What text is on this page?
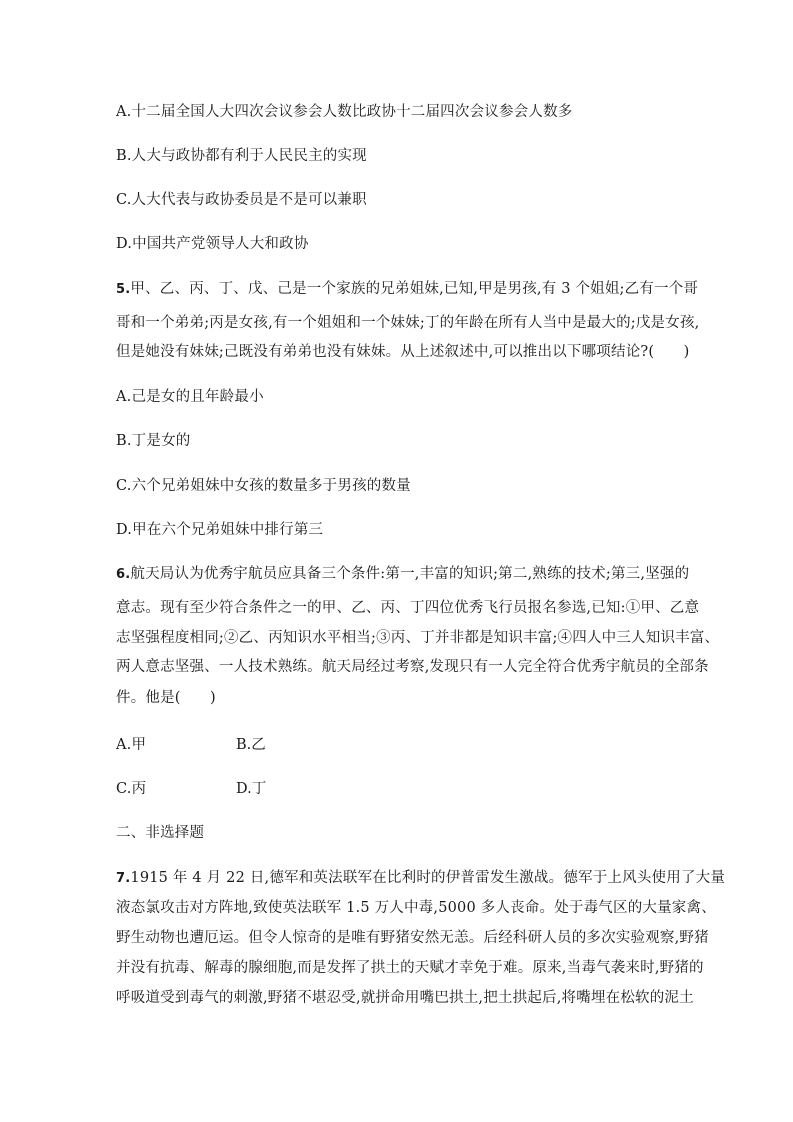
A.十二届全国人大四次会议参会人数比政协十二届四次会议参会人数多
B.人大与政协都有利于人民民主的实现
C.人大代表与政协委员是不是可以兼职
D.中国共产党领导人大和政协
5.甲、乙、丙、丁、戊、己是一个家族的兄弟姐妹,已知,甲是男孩,有 3 个姐姐;乙有一个哥
哥和一个弟弟;丙是女孩,有一个姐姐和一个妹妹;丁的年龄在所有人当中是最大的;戊是女孩,
但是她没有妹妹;己既没有弟弟也没有妹妹。从上述叙述中,可以推出以下哪项结论?(　　)
A.己是女的且年龄最小
B.丁是女的
C.六个兄弟姐妹中女孩的数量多于男孩的数量
D.甲在六个兄弟姐妹中排行第三
6.航天局认为优秀宇航员应具备三个条件:第一,丰富的知识;第二,熟练的技术;第三,坚强的
意志。现有至少符合条件之一的甲、乙、丙、丁四位优秀飞行员报名参选,已知:①甲、乙意
志坚强程度相同;②乙、丙知识水平相当;③丙、丁并非都是知识丰富;④四人中三人知识丰富、
两人意志坚强、一人技术熟练。航天局经过考察,发现只有一人完全符合优秀宇航员的全部条
件。他是(　　)
A.甲	B.乙
C.丙	D.丁
二、非选择题
7.1915 年 4 月 22 日,德军和英法联军在比利时的伊普雷发生激战。德军于上风头使用了大量
液态氯攻击对方阵地,致使英法联军 1.5 万人中毒,5000 多人丧命。处于毒气区的大量家禽、
野生动物也遭厄运。但令人惊奇的是唯有野猪安然无恙。后经科研人员的多次实验观察,野猪
并没有抗毒、解毒的腺细胞,而是发挥了拱土的天赋才幸免于难。原来,当毒气袭来时,野猪的
呼吸道受到毒气的刺激,野猪不堪忍受,就拼命用嘴巴拱土,把土拱起后,将嘴埋在松软的泥土
